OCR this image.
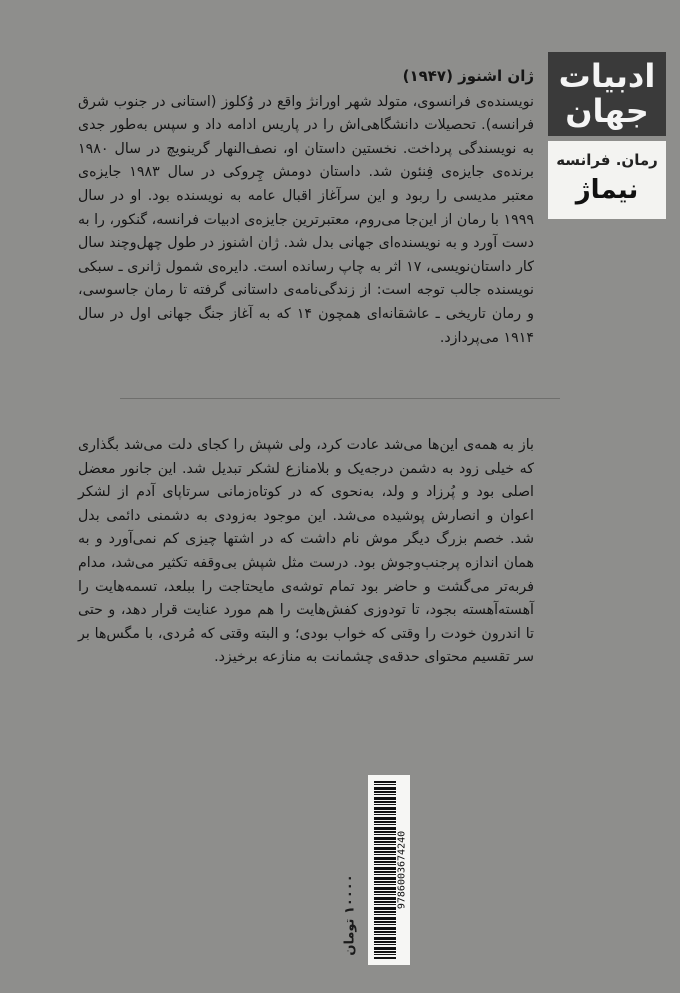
ادبیات
جهان
رمان. فرانسه
نیماژ
ژان اشنوز (۱۹۴۷)

نویسنده‌ی فرانسوی، متولد شهر اورانژ واقع در وُکلوز (استانی در جنوب شرق فرانسه). تحصیلات دانشگاهی‌اش را در پاریس ادامه داد و سپس به‌طور جدی به نویسندگی پرداخت. نخستین داستان او، نصف‌النهار گرینویچ در سال ۱۹۸۰ برنده‌ی جایزه‌ی فِنئون شد. داستان دومش چِروکی در سال ۱۹۸۳ جایزه‌ی معتبر مدیسی را ربود و این سرآغاز اقبال عامه به نویسنده بود. او در سال ۱۹۹۹ با رمان از این‌جا می‌روم، معتبرترین جایزه‌ی ادبیات فرانسه، گنکور، را به دست آورد و به نویسنده‌ای جهانی بدل شد. ژان اشنوز در طول چهل‌وچند سال کار داستان‌نویسی، ۱۷ اثر به چاپ رسانده است. دایره‌ی شمول ژانری ـ سبکی نویسنده جالب توجه است: از زندگی‌نامه‌ی داستانی گرفته تا رمان جاسوسی، و رمان تاریخی ـ عاشقانه‌ای همچون ۱۴ که به آغاز جنگ جهانی اول در سال ۱۹۱۴ می‌پردازد.

باز به همه‌ی این‌ها می‌شد عادت کرد، ولی شپش را کجای دلت می‌شد بگذاری که خیلی زود به دشمن درجه‌یک و بلامنازع لشکر تبدیل شد. این جانور معضل اصلی بود و پُرزاد و ولد، به‌نحوی که در کوتاه‌زمانی سرتاپای آدم از لشکر اعوان و انصارش پوشیده می‌شد. این موجود به‌زودی به دشمنی دائمی بدل شد. خصم بزرگ دیگر موش نام داشت که در اشتها چیزی کم نمی‌آورد و به همان اندازه پرجنب‌وجوش بود. درست مثل شپش بی‌وقفه تکثیر می‌شد، مدام فربه‌تر می‌گشت و حاضر بود تمام توشه‌ی مایحتاجت را ببلعد، تسمه‌هایت را آهسته‌آهسته بجود، تا تودوزی کفش‌هایت را هم مورد عنایت قرار دهد، و حتی تا اندرون خودت را وقتی که خواب بودی؛ و البته وقتی که مُردی، با مگس‌ها بر سر تقسیم محتوای حدقه‌ی چشمانت به منازعه برخیزد.

۱۰۰۰۰ تومان	9786003674240
